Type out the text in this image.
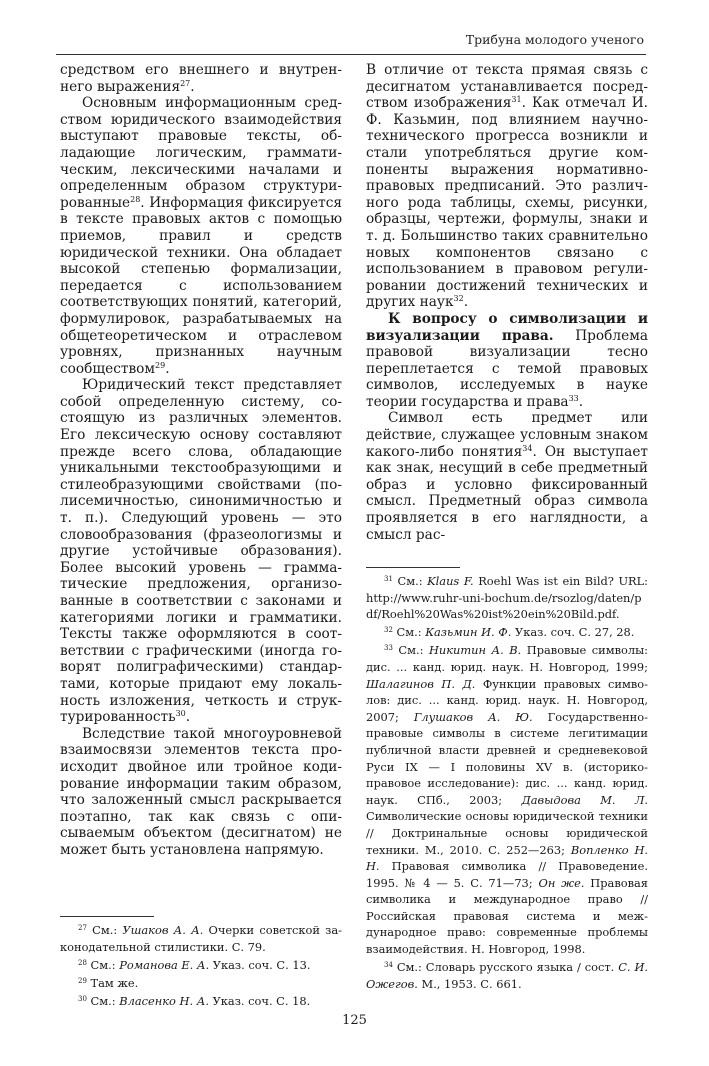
Трибуна молодого ученого

средством его внешнего и внутреннего выражения$^{27}$.

Основным информационным средством юридического взаимодействия выступают правовые тексты, обладающие логическим, грамматическим, лексическими началами и определенным образом структурированные$^{28}$. Информация фиксируется в тексте правовых актов с помощью приемов, правил и средств юридической техники. Она обладает высокой степенью формализации, передается с использованием соответствующих понятий, категорий, формулировок, разрабатываемых на общетеоретическом и отраслевом уровнях, признанных научным сообществом$^{29}$.

Юридический текст представляет собой определенную систему, состоящую из различных элементов. Его лексическую основу составляют прежде всего слова, обладающие уникальными текстообразующими и стилеобразующими свойствами (полисемичностью, синонимичностью и т. п.). Следующий уровень — это словообразования (фразеологизмы и другие устойчивые образования). Более высокий уровень — грамматические предложения, организованные в соответствии с законами и категориями логики и грамматики. Тексты также оформляются в соответствии с графическими (иногда говорят полиграфическими) стандартами, которые придают ему локальность изложения, четкость и структурированность$^{30}$.

Вследствие такой многоуровневой взаимосвязи элементов текста происходит двойное или тройное кодирование информации таким образом, что заложенный смысл раскрывается поэтапно, так как связь с описываемым объектом (десигнатом) не может быть установлена напрямую.

В отличие от текста прямая связь с десигнатом устанавливается посредством изображения$^{31}$. Как отмечал И. Ф. Казьмин, под влиянием научно-технического прогресса возникли и стали употребляться другие компоненты выражения нормативно-правовых предписаний. Это различного рода таблицы, схемы, рисунки, образцы, чертежи, формулы, знаки и т. д. Большинство таких сравнительно новых компонентов связано с использованием в правовом регулировании достижений технических и других наук$^{32}$.

К вопросу о символизации и визуализации права. Проблема правовой визуализации тесно переплетается с темой правовых символов, исследуемых в науке теории государства и права$^{33}$.

Символ есть предмет или действие, служащее условным знаком какого-либо понятия$^{34}$. Он выступает как знак, несущий в себе предметный образ и условно фиксированный смысл. Предметный образ символа проявляется в его наглядности, а смысл рас-

$^{27}$ См.: Ушаков А. А. Очерки советской законодательной стилистики. С. 79.

$^{28}$ См.: Романова Е. А. Указ. соч. С. 13.

$^{29}$ Там же.

$^{30}$ См.: Власенко Н. А. Указ. соч. С. 18.

$^{31}$ См.: Klaus F. Roehl Was ist ein Bild? URL: http://www.ruhr-uni-bochum.de/rsozlog/daten/pdf/Roehl%20Was%20ist%20ein%20Bild.pdf.

$^{32}$ См.: Казьмин И. Ф. Указ. соч. С. 27, 28.

$^{33}$ См.: Никитин А. В. Правовые символы: дис. ... канд. юрид. наук. Н. Новгород, 1999; Шалагинов П. Д. Функции правовых символов: дис. ... канд. юрид. наук. Н. Новгород, 2007; Глушаков А. Ю. Государственно-правовые символы в системе легитимации публичной власти древней и средневековой Руси IX — I половины XV в. (историко-правовое исследование): дис. ... канд. юрид. наук. СПб., 2003; Давыдова М. Л. Символические основы юридической техники // Доктринальные основы юридической техники. М., 2010. С. 252—263; Вопленко Н. Н. Правовая символика // Правоведение. 1995. № 4 — 5. С. 71—73; Он же. Правовая символика и международное право // Российская правовая система и международное право: современные проблемы взаимодействия. Н. Новгород, 1998.

$^{34}$ См.: Словарь русского языка / сост. С. И. Ожегов. М., 1953. С. 661.

125
